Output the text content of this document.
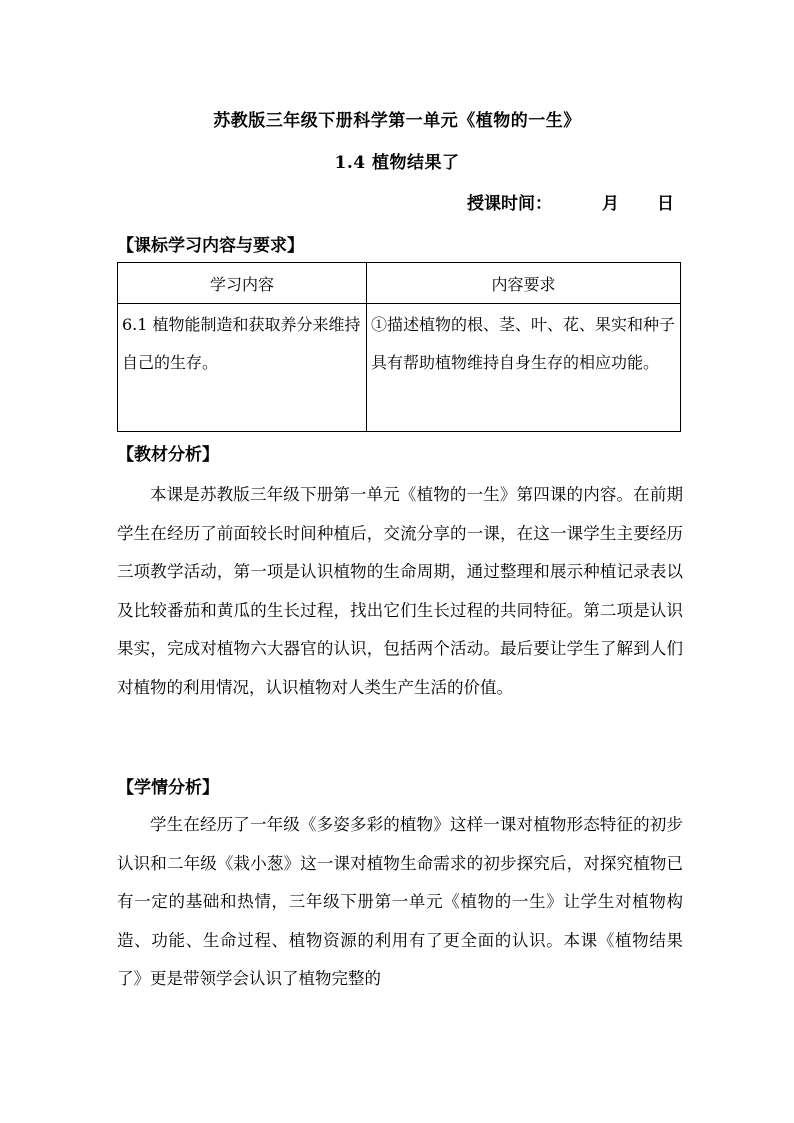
苏教版三年级下册科学第一单元《植物的一生》
1.4 植物结果了
授课时间：	月 日
【课标学习内容与要求】
学习内容	内容要求
6.1 植物能制造和获取养分来维持自己的生存。	①描述植物的根、茎、叶、花、果实和种子具有帮助植物维持自身生存的相应功能。
【教材分析】

本课是苏教版三年级下册第一单元《植物的一生》第四课的内容。在前期学生在经历了前面较长时间种植后，交流分享的一课，在这一课学生主要经历三项教学活动，第一项是认识植物的生命周期，通过整理和展示种植记录表以及比较番茄和黄瓜的生长过程，找出它们生长过程的共同特征。第二项是认识果实，完成对植物六大器官的认识，包括两个活动。最后要让学生了解到人们对植物的利用情况，认识植物对人类生产生活的价值。

【学情分析】

学生在经历了一年级《多姿多彩的植物》这样一课对植物形态特征的初步认识和二年级《栽小葱》这一课对植物生命需求的初步探究后，对探究植物已有一定的基础和热情，三年级下册第一单元《植物的一生》让学生对植物构造、功能、生命过程、植物资源的利用有了更全面的认识。本课《植物结果了》更是带领学会认识了植物完整的
